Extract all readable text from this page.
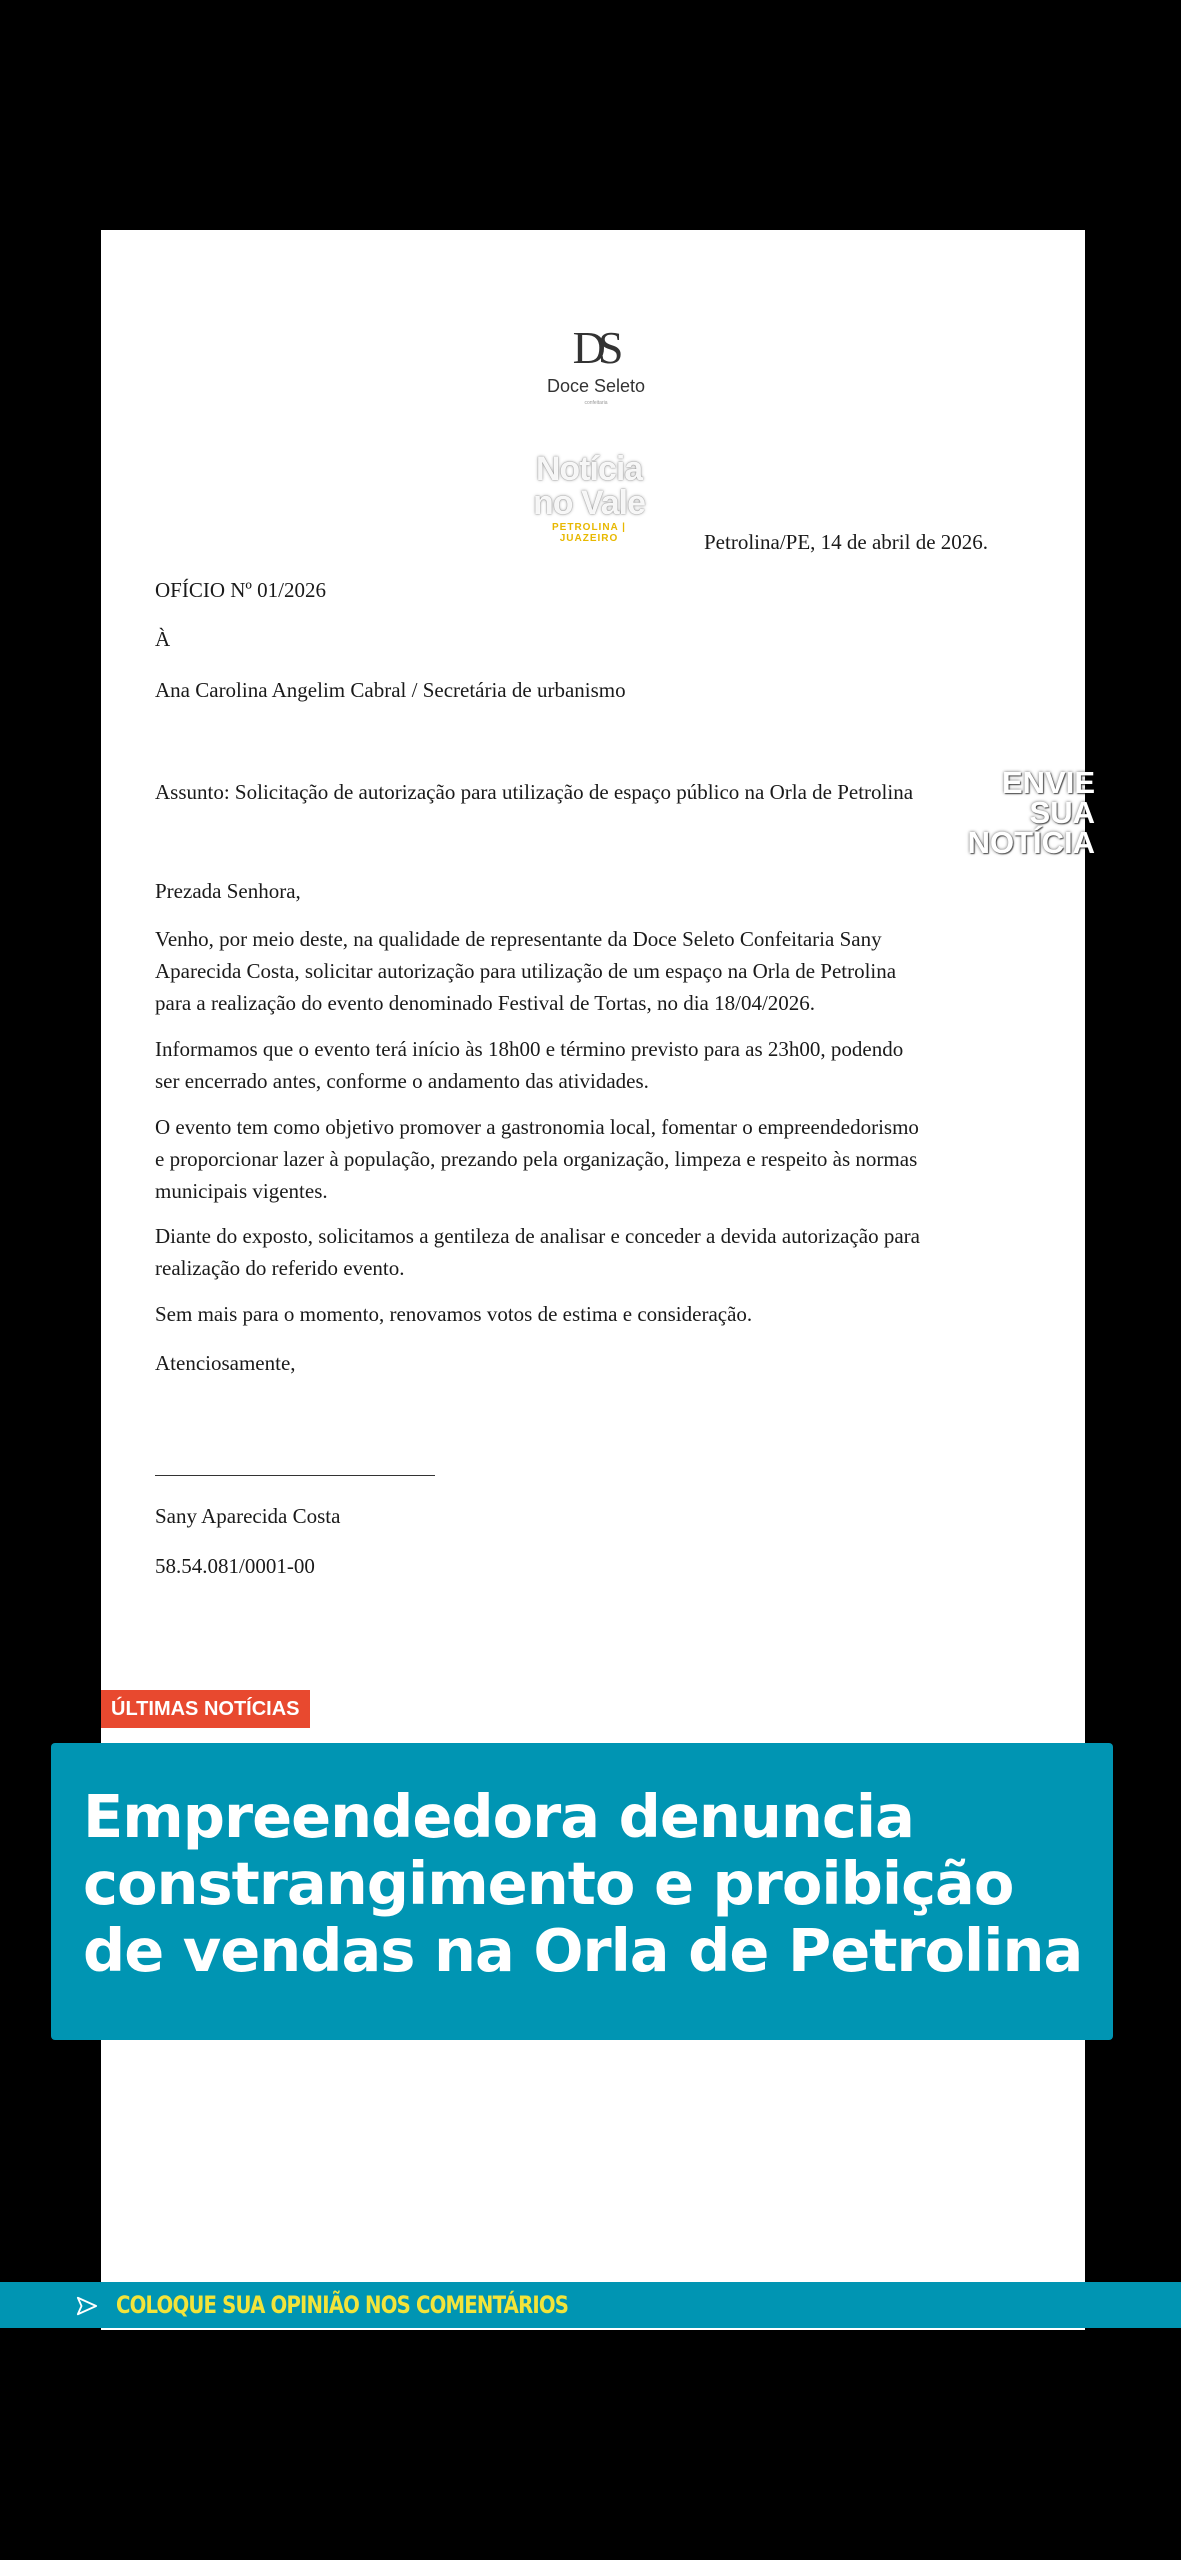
DS
Doce Seleto
confeitaria
Notícia
no Vale
PETROLINA | JUAZEIRO	Petrolina/PE, 14 de abril de 2026.
OFÍCIO Nº 01/2026
À
Ana Carolina Angelim Cabral / Secretária de urbanismo
Assunto: Solicitação de autorização para utilização de espaço público na Orla de Petrolina
Prezada Senhora,
Venho, por meio deste, na qualidade de representante da Doce Seleto Confeitaria Sany
Aparecida Costa, solicitar autorização para utilização de um espaço na Orla de Petrolina
para a realização do evento denominado Festival de Tortas, no dia 18/04/2026.
Informamos que o evento terá início às 18h00 e término previsto para as 23h00, podendo
ser encerrado antes, conforme o andamento das atividades.
O evento tem como objetivo promover a gastronomia local, fomentar o empreendedorismo
e proporcionar lazer à população, prezando pela organização, limpeza e respeito às normas
municipais vigentes.
Diante do exposto, solicitamos a gentileza de analisar e conceder a devida autorização para
realização do referido evento.
Sem mais para o momento, renovamos votos de estima e consideração.
Atenciosamente,
Sany Aparecida Costa
58.54.081/0001-00
ENVIE
SUA
NOTÍCIA
ÚLTIMAS NOTÍCIAS
Empreendedora denuncia
constrangimento e proibição
de vendas na Orla de Petrolina
COLOQUE SUA OPINIÃO NOS COMENTÁRIOS
